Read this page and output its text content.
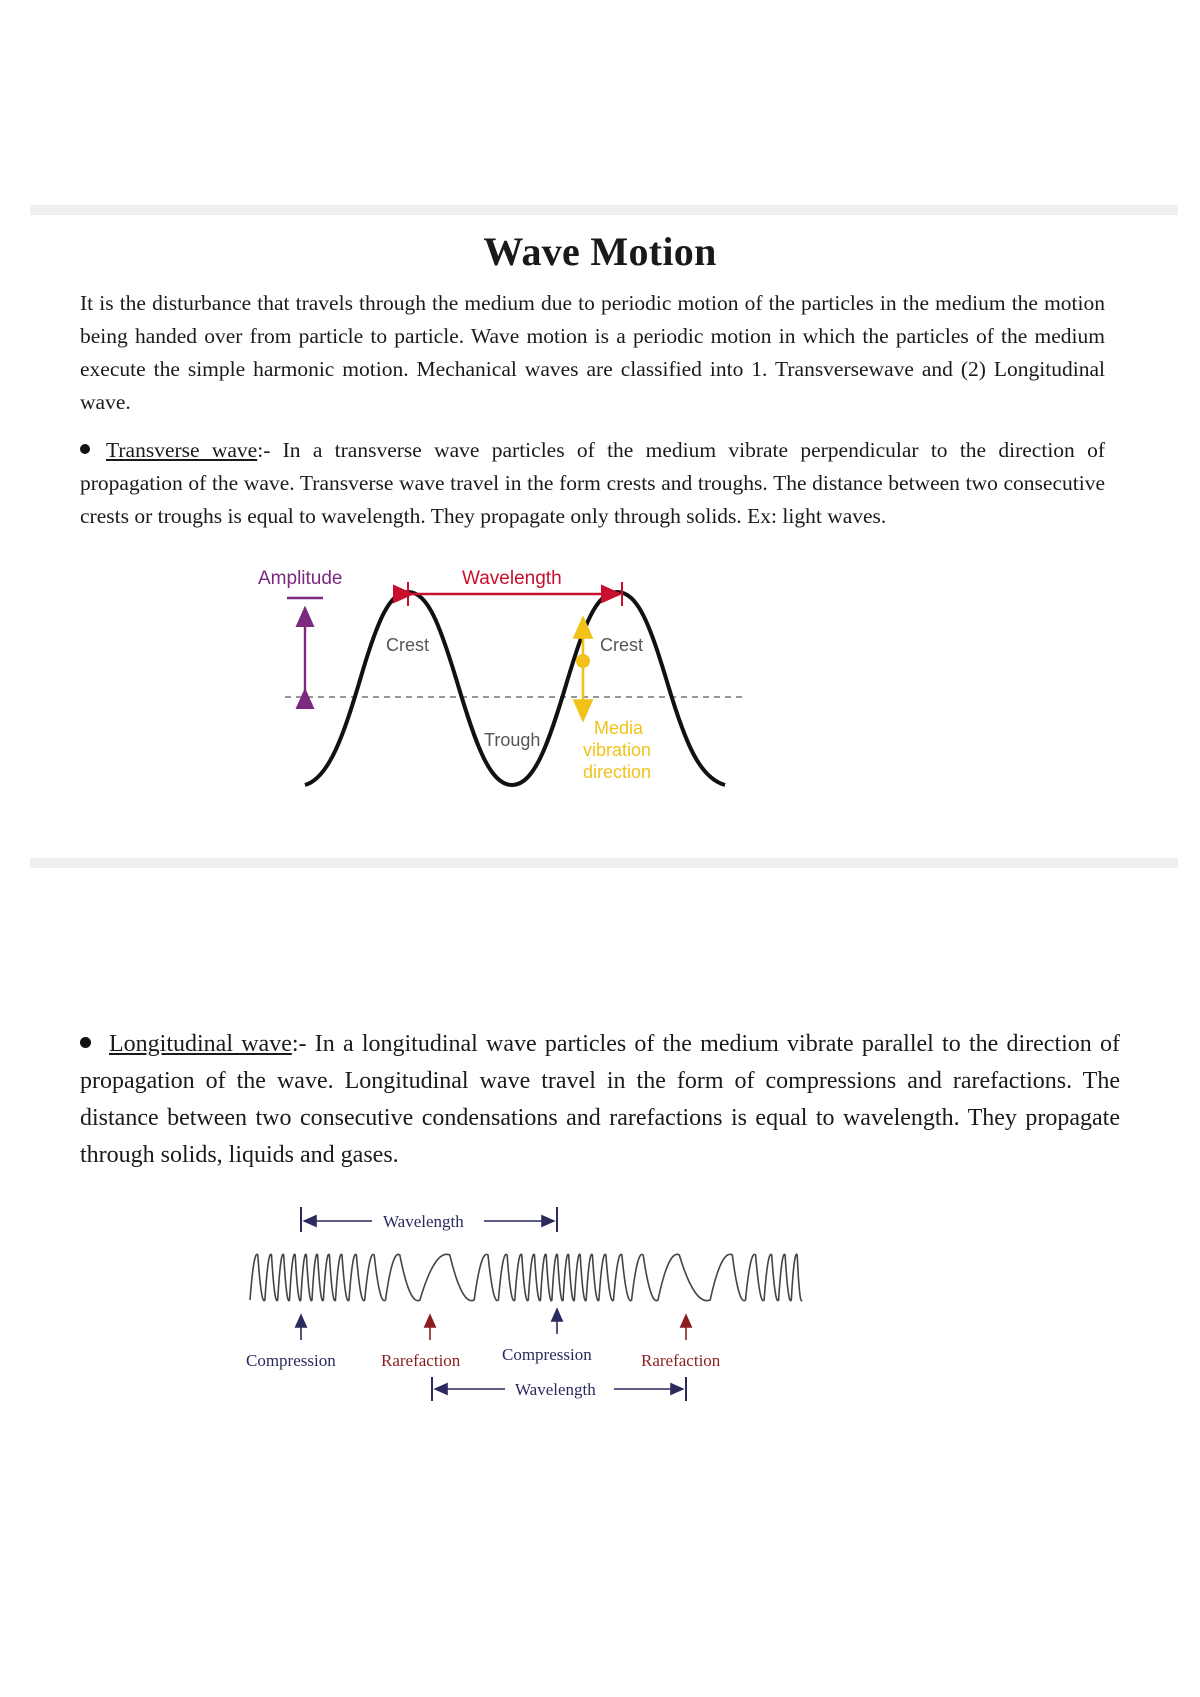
Wave Motion

It is the disturbance that travels through the medium due to periodic motion of the particles in the medium the motion being handed over from particle to particle. Wave motion is a periodic motion in which the particles of the medium execute the simple harmonic motion. Mechanical waves are classified into 1. Transversewave and (2) Longitudinal wave.

Transverse wave:- In a transverse wave particles of the medium vibrate perpendicular to the direction of propagation of the wave. Transverse wave travel in the form crests and troughs. The distance between two consecutive crests or troughs is equal to wavelength. They propagate only through solids. Ex: light waves.

Amplitude	Wavelength
Crest	Crest
Trough
Media
vibration
direction

Longitudinal wave:- In a longitudinal wave particles of the medium vibrate parallel to the direction of propagation of the wave. Longitudinal wave travel in the form of compressions and rarefactions. The distance between two consecutive condensations and rarefactions is equal to wavelength. They propagate through solids, liquids and gases.

Wavelength
Compression	Rarefaction Compression	Rarefaction
Wavelength
